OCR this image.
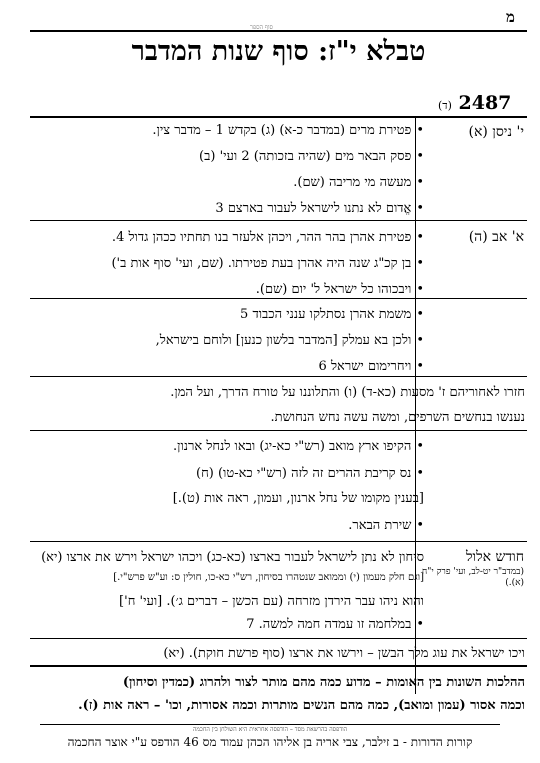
מ
סוף הספר
טבלא י"ז: סוף שנות המדבר
2487 (ד)
י' ניסן (א)
• פטירת מרים (במדבר כ-א) (ג) בקדש 1 – מדבר צין.
• פסק הבאר מים (שהיה בזכותה) 2 ועי' (ב)
• מעשה מי מריבה (שם).
• אֱדום לא נתנו לישראל לעבור בארצם 3
א' אב (ה)
• פטירת אהרן בהר ההר, ויכהן אלעזר בנו תחתיו ככהן גדול 4.
• בן קכ"ג שנה היה אהרן בעת פטירתו. (שם, ועי' סוף אות ב')
• ויבכוהו כל ישראל ל' יום (שם).
• משמת אהרן נסתלקו ענני הכבוד 5
• ולכן בא עמלק [המדבר בלשון כנען] ולוחם בישראל,
• ויחרימום ישראל 6
חזרו לאחוריהם ז' מסעות (כא-ד) (ו) והתלוננו על טורח הדרך, ועל המן.
נענשו בנחשים השרפים, ומשה עשה נחש הנחושת.
• הקיפו ארץ מואב (רש"י כא-יג) ובאו לנחל ארנון.
• נס קריבת ההרים זה לזה (רש"י כא-טו) (ח)
[בענין מקומו של נחל ארנון, ועמון, ראה אות (ט).]
• שירת הבאר.
חודש אלול
(במדב"ר יט-לב, ועי' פרק י"ח (א).)
סיחון לא נתן לישראל לעבור בארצו (כא-כג) ויכהו ישראל וירש את ארצו (יא)
[וגם חלק מעמון (י) וממואב שנטהרו בסיחון, רש"י כא-כו, חולין ס: וע"ש פרש"י.]
והוא ניהו עבר הירדן מזרחה (עם הכשן – דברים ג׳). [ועי' ח']
• במלחמה זו עמדה חמה למשה. 7
ויכו ישראל את עוג מלך הבשן – וירשו את ארצו (סוף פרשת חוקת). (יא)
ההלכות השונות בין האומות – מדוע כמה מהם מותר לצור ולהרוג (כמדין וסיחון)
וכמה אסור (עמון ומואב), כמה מהם הנשים מותרות וכמה אסורות, וכו' – ראה אות (ז).
הודפסה בהרשאת מסד – הודפסה אחראית היא השולחן בין החכמה
קורות הדורות - ב זילבר, צבי אריה בן אליהו הכהן עמוד מס 46 הודפס ע"י אוצר החכמה
